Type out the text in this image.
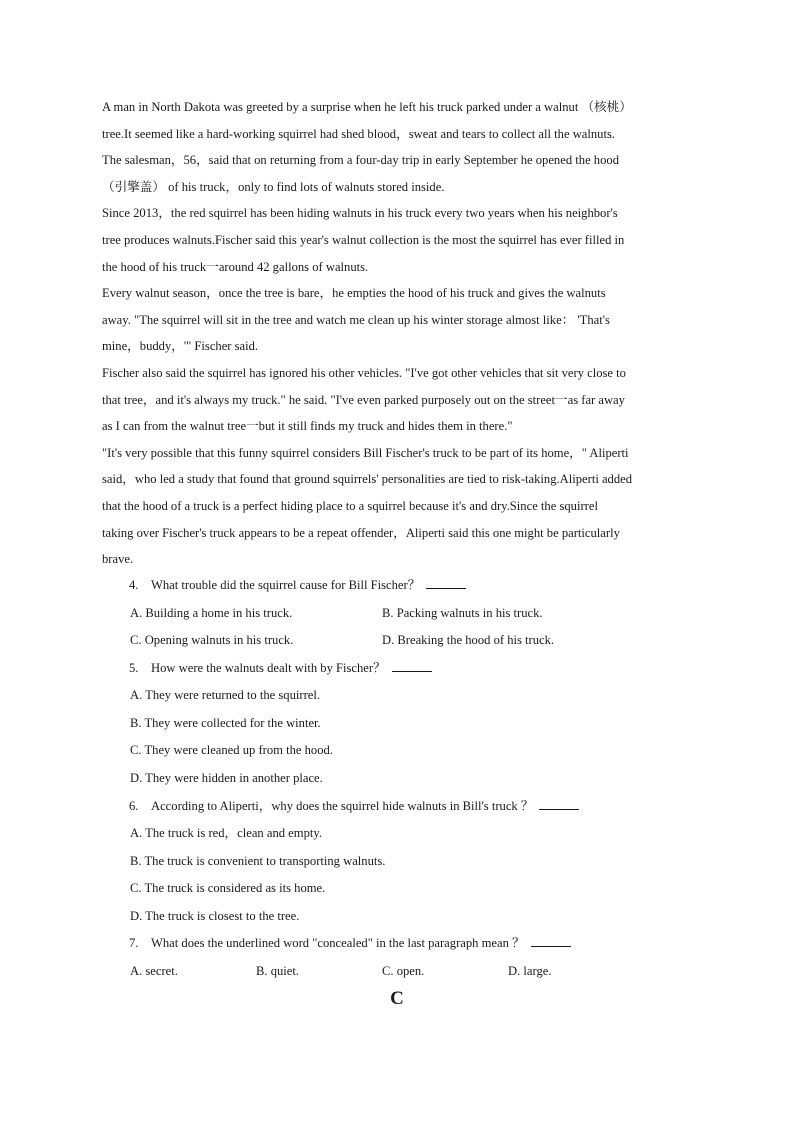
A man in North Dakota was greeted by a surprise when he left his truck parked under a walnut （核桃）
tree.It seemed like a hard-working squirrel had shed blood，sweat and tears to collect all the walnuts.
The salesman，56，said that on returning from a four-day trip in early September he opened the hood
（引擎盖） of his truck，only to find lots of walnuts stored inside.
Since 2013，the red squirrel has been hiding walnuts in his truck every two years when his neighbor's
tree produces walnuts.Fischer said this year's walnut collection is the most the squirrel has ever filled in
the hood of his truck一around 42 gallons of walnuts.
Every walnut season，once the tree is bare，he empties the hood of his truck and gives the walnuts
away. "The squirrel will sit in the tree and watch me clean up his winter storage almost like： 'That's
mine，buddy，'" Fischer said.
Fischer also said the squirrel has ignored his other vehicles. "I've got other vehicles that sit very close to
that tree，and it's always my truck." he said. "I've even parked purposely out on the street一as far away
as I can from the walnut tree一but it still finds my truck and hides them in there."
"It's very possible that this funny squirrel considers Bill Fischer's truck to be part of its home，" Aliperti
said，who led a study that found that ground squirrels' personalities are tied to risk-taking.Aliperti added
that the hood of a truck is a perfect hiding place to a squirrel because it's and dry.Since the squirrel
taking over Fischer's truck appears to be a repeat offender，Aliperti said this one might be particularly
brave.
4. What trouble did the squirrel cause for Bill Fischer？
A. Building a home in his truck.	B. Packing walnuts in his truck.
C. Opening walnuts in his truck.	D. Breaking the hood of his truck.
5. How were the walnuts dealt with by Fischer？
A. They were returned to the squirrel.
B. They were collected for the winter.
C. They were cleaned up from the hood.
D. They were hidden in another place.
6. According to Aliperti，why does the squirrel hide walnuts in Bill's truck ？
A. The truck is red，clean and empty.
B. The truck is convenient to transporting walnuts.
C. The truck is considered as its home.
D. The truck is closest to the tree.
7. What does the underlined word "concealed" in the last paragraph mean ？
A. secret.	B. quiet.	C. open.	D. large.
C
